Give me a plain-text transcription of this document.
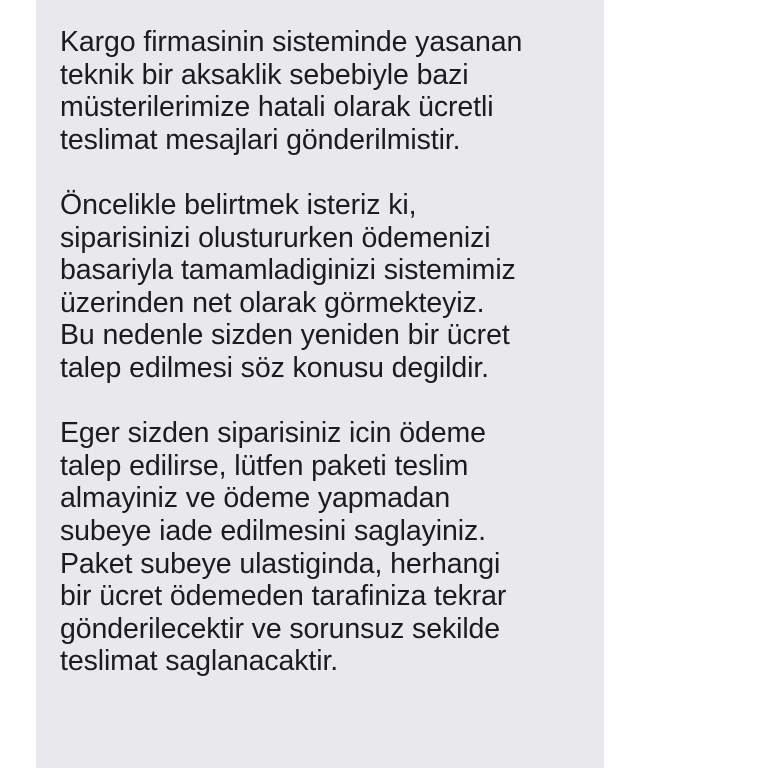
Kargo firmasinin sisteminde yasanan
teknik bir aksaklik sebebiyle bazi
müsterilerimize hatali olarak ücretli
teslimat mesajlari gönderilmistir.
Öncelikle belirtmek isteriz ki,
siparisinizi olustururken ödemenizi
basariyla tamamladiginizi sistemimiz
üzerinden net olarak görmekteyiz.
Bu nedenle sizden yeniden bir ücret
talep edilmesi söz konusu degildir.
Eger sizden siparisiniz icin ödeme
talep edilirse, lütfen paketi teslim
almayiniz ve ödeme yapmadan
subeye iade edilmesini saglayiniz.
Paket subeye ulastiginda, herhangi
bir ücret ödemeden tarafiniza tekrar
gönderilecektir ve sorunsuz sekilde
teslimat saglanacaktir.
